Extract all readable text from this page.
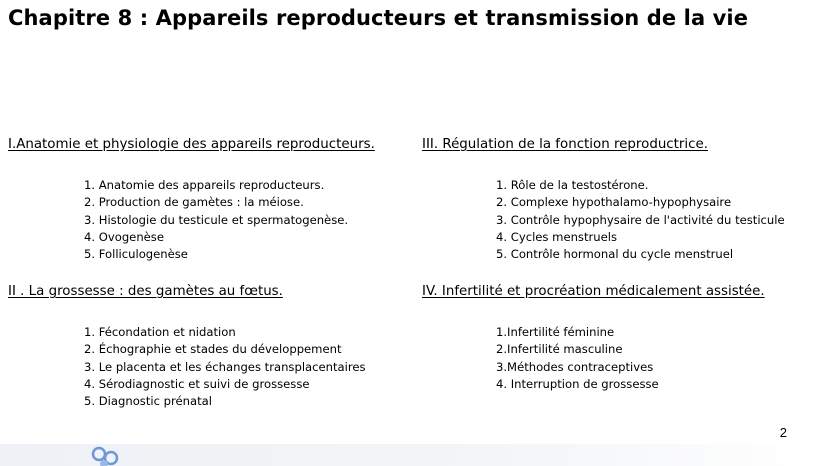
Chapitre 8 : Appareils reproducteurs et transmission de la vie
I.Anatomie et physiologie des appareils reproducteurs.
1. Anatomie des appareils reproducteurs.
2. Production de gamètes : la méiose.
3. Histologie du testicule et spermatogenèse.
4. Ovogenèse
5. Folliculogenèse
III. Régulation de la fonction reproductrice.
1. Rôle de la testostérone.
2. Complexe hypothalamo-hypophysaire
3. Contrôle hypophysaire de l'activité du testicule
4. Cycles menstruels
5. Contrôle hormonal du cycle menstruel
II . La grossesse : des gamètes au fœtus.
1. Fécondation et nidation
2. Échographie et stades du développement
3. Le placenta et les échanges transplacentaires
4. Sérodiagnostic et suivi de grossesse
5. Diagnostic prénatal
IV. Infertilité et procréation médicalement assistée.
1.Infertilité féminine
2.Infertilité masculine
3.Méthodes contraceptives
4. Interruption de grossesse
2
